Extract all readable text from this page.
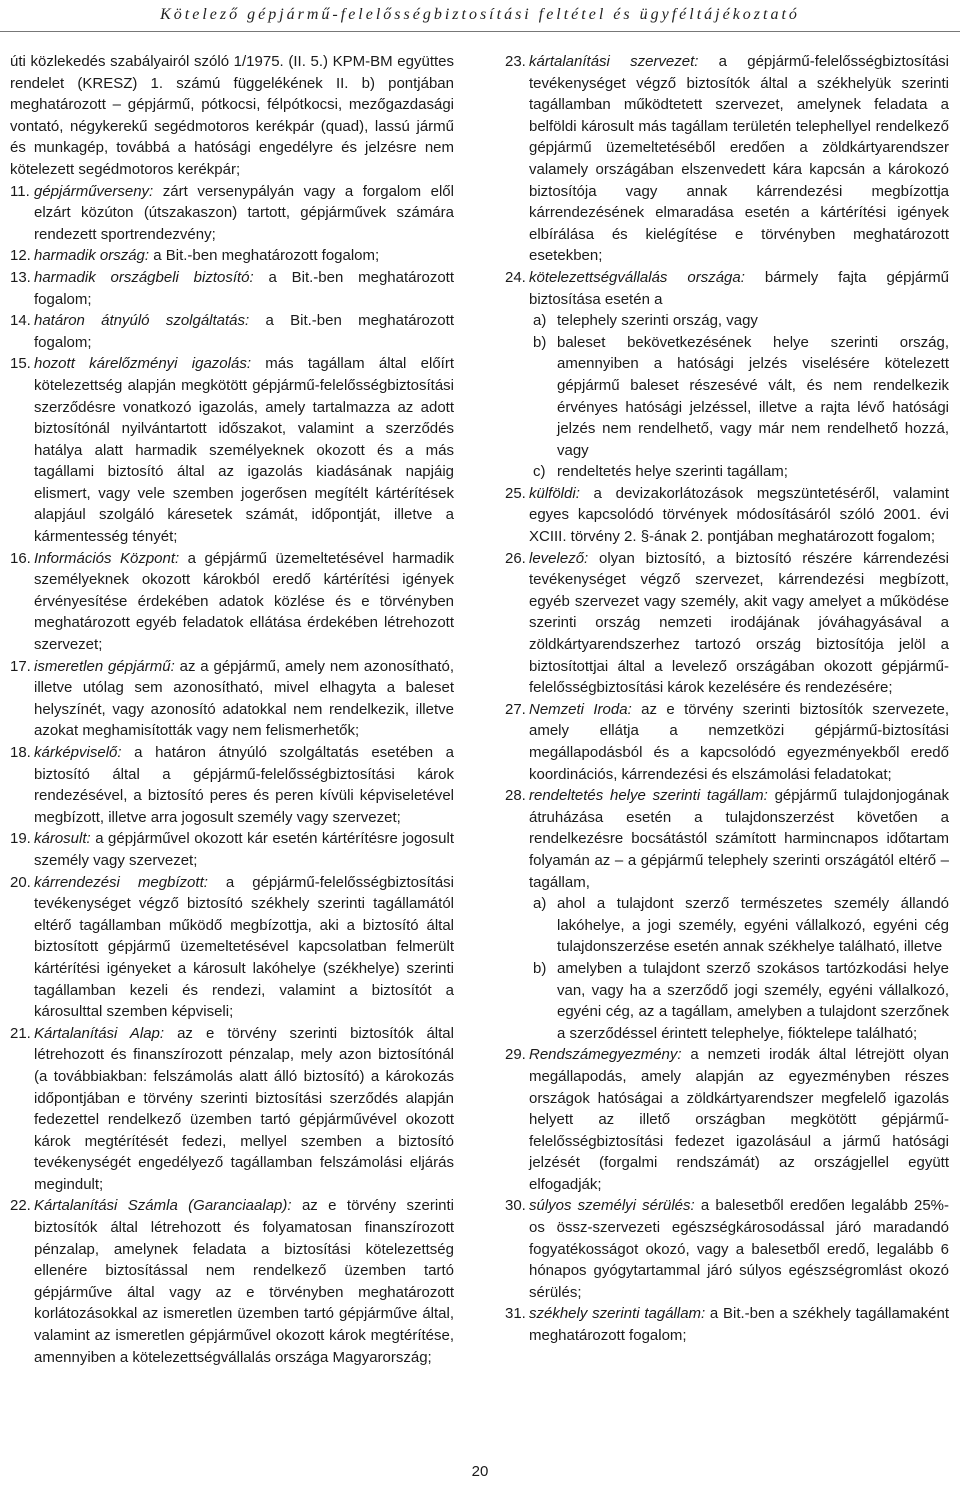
Kötelező gépjármű-felelősségbiztosítási feltétel és ügyféltájékoztató

úti közlekedés szabályairól szóló 1/1975. (II. 5.) KPM-BM együttes rendelet (KRESZ) 1. számú függelékének II. b) pontjában meghatározott – gépjármű, pótkocsi, félpótkocsi, mezőgazdasági vontató, négykerekű segédmotoros kerékpár (quad), lassú jármű és munkagép, továbbá a hatósági engedélyre és jelzésre nem kötelezett segédmotoros kerékpár;

11. gépjárműverseny: zárt versenypályán vagy a forgalom elől elzárt közúton (útszakaszon) tartott, gépjárművek számára rendezett sportrendezvény;
12. harmadik ország: a Bit.-ben meghatározott fogalom;
13. harmadik országbeli biztosító: a Bit.-ben meghatározott fogalom;
14. határon átnyúló szolgáltatás: a Bit.-ben meghatározott fogalom;
15. hozott kárelőzményi igazolás: más tagállam által előírt kötelezettség alapján megkötött gépjármű-felelősségbiztosítási szerződésre vonatkozó igazolás, amely tartalmazza az adott biztosítónál nyilvántartott időszakot, valamint a szerződés hatálya alatt harmadik személyeknek okozott és a más tagállami biztosító által az igazolás kiadásának napjáig elismert, vagy vele szemben jogerősen megítélt kártérítések alapjául szolgáló káresetek számát, időpontját, illetve a kármentesség tényét;
16. Információs Központ: a gépjármű üzemeltetésével harmadik személyeknek okozott károkból eredő kártérítési igények érvényesítése érdekében adatok közlése és e törvényben meghatározott egyéb feladatok ellátása érdekében létrehozott szervezet;
17. ismeretlen gépjármű: az a gépjármű, amely nem azonosítható, illetve utólag sem azonosítható, mivel elhagyta a baleset helyszínét, vagy azonosító adatokkal nem rendelkezik, illetve azokat meghamisították vagy nem felismerhetők;
18. kárképviselő: a határon átnyúló szolgáltatás esetében a biztosító által a gépjármű-felelősségbiztosítási károk rendezésével, a biztosító peres és peren kívüli képviseletével megbízott, illetve arra jogosult személy vagy szervezet;
19. károsult: a gépjárművel okozott kár esetén kártérítésre jogosult személy vagy szervezet;
20. kárrendezési megbízott: a gépjármű-felelősségbiztosítási tevékenységet végző biztosító székhely szerinti tagállamától eltérő tagállamban működő megbízottja, aki a biztosító által biztosított gépjármű üzemeltetésével kapcsolatban felmerült kártérítési igényeket a károsult lakóhelye (székhelye) szerinti tagállamban kezeli és rendezi, valamint a biztosítót a károsulttal szemben képviseli;
21. Kártalanítási Alap: az e törvény szerinti biztosítók által létrehozott és finanszírozott pénzalap, mely azon biztosítónál (a továbbiakban: felszámolás alatt álló biztosító) a károkozás időpontjában e törvény szerinti biztosítási szerződés alapján fedezettel rendelkező üzemben tartó gépjárművével okozott károk megtérítését fedezi, mellyel szemben a biztosító tevékenységét engedélyező tagállamban felszámolási eljárás megindult;
22. Kártalanítási Számla (Garanciaalap): az e törvény szerinti biztosítók által létrehozott és folyamatosan finanszírozott pénzalap, amelynek feladata a biztosítási kötelezettség ellenére biztosítással nem rendelkező üzemben tartó gépjárműve által vagy az e törvényben meghatározott korlátozásokkal az ismeretlen üzemben tartó gépjárműve által, valamint az ismeretlen gépjárművel okozott károk megtérítése, amennyiben a kötelezettségvállalás országa Magyarország;
23. kártalanítási szervezet: a gépjármű-felelősségbiztosítási tevékenységet végző biztosítók által a székhelyük szerinti tagállamban működtetett szervezet, amelynek feladata a belföldi károsult más tagállam területén telephellyel rendelkező gépjármű üzemeltetéséből eredően a zöldkártyarendszer valamely országában elszenvedett kára kapcsán a károkozó biztosítója vagy annak kárrendezési megbízottja kárrendezésének elmaradása esetén a kártérítési igények elbírálása és kielégítése e törvényben meghatározott esetekben;
24. kötelezettségvállalás országa: bármely fajta gépjármű biztosítása esetén a
a) telephely szerinti ország, vagy
b) baleset bekövetkezésének helye szerinti ország, amennyiben a hatósági jelzés viselésére kötelezett gépjármű baleset részesévé vált, és nem rendelkezik érvényes hatósági jelzéssel, illetve a rajta lévő hatósági jelzés nem rendelhető, vagy már nem rendelhető hozzá, vagy
c) rendeltetés helye szerinti tagállam;
25. külföldi: a devizakorlátozások megszüntetéséről, valamint egyes kapcsolódó törvények módosításáról szóló 2001. évi XCIII. törvény 2. §-ának 2. pontjában meghatározott fogalom;
26. levelező: olyan biztosító, a biztosító részére kárrendezési tevékenységet végző szervezet, kárrendezési megbízott, egyéb szervezet vagy személy, akit vagy amelyet a működése szerinti ország nemzeti irodájának jóváhagyásával a zöldkártyarendszerhez tartozó ország biztosítója jelöl a biztosítottjai által a levelező országában okozott gépjármű-felelősségbiztosítási károk kezelésére és rendezésére;
27. Nemzeti Iroda: az e törvény szerinti biztosítók szervezete, amely ellátja a nemzetközi gépjármű-biztosítási megállapodásból és a kapcsolódó egyezményekből eredő koordinációs, kárrendezési és elszámolási feladatokat;
28. rendeltetés helye szerinti tagállam: gépjármű tulajdonjogának átruházása esetén a tulajdonszerzést követően a rendelkezésre bocsátástól számított harmincnapos időtartam folyamán az – a gépjármű telephely szerinti országától eltérő – tagállam,
a) ahol a tulajdont szerző természetes személy állandó lakóhelye, a jogi személy, egyéni vállalkozó, egyéni cég tulajdonszerzése esetén annak székhelye található, illetve
b) amelyben a tulajdont szerző szokásos tartózkodási helye van, vagy ha a szerződő jogi személy, egyéni vállalkozó, egyéni cég, az a tagállam, amelyben a tulajdont szerzőnek a szerződéssel érintett telephelye, fióktelepe található;
29. Rendszámegyezmény: a nemzeti irodák által létrejött olyan megállapodás, amely alapján az egyezményben részes országok hatóságai a zöldkártyarendszer megfelelő igazolás helyett az illető országban megkötött gépjármű-felelősségbiztosítási fedezet igazolásául a jármű hatósági jelzését (forgalmi rendszámát) az országjellel együtt elfogadják;
30. súlyos személyi sérülés: a balesetből eredően legalább 25%-os össz-szervezeti egészségkárosodással járó maradandó fogyatékosságot okozó, vagy a balesetből eredő, legalább 6 hónapos gyógytartammal járó súlyos egészségromlást okozó sérülés;
31. székhely szerinti tagállam: a Bit.-ben a székhely tagállamaként meghatározott fogalom;
20
